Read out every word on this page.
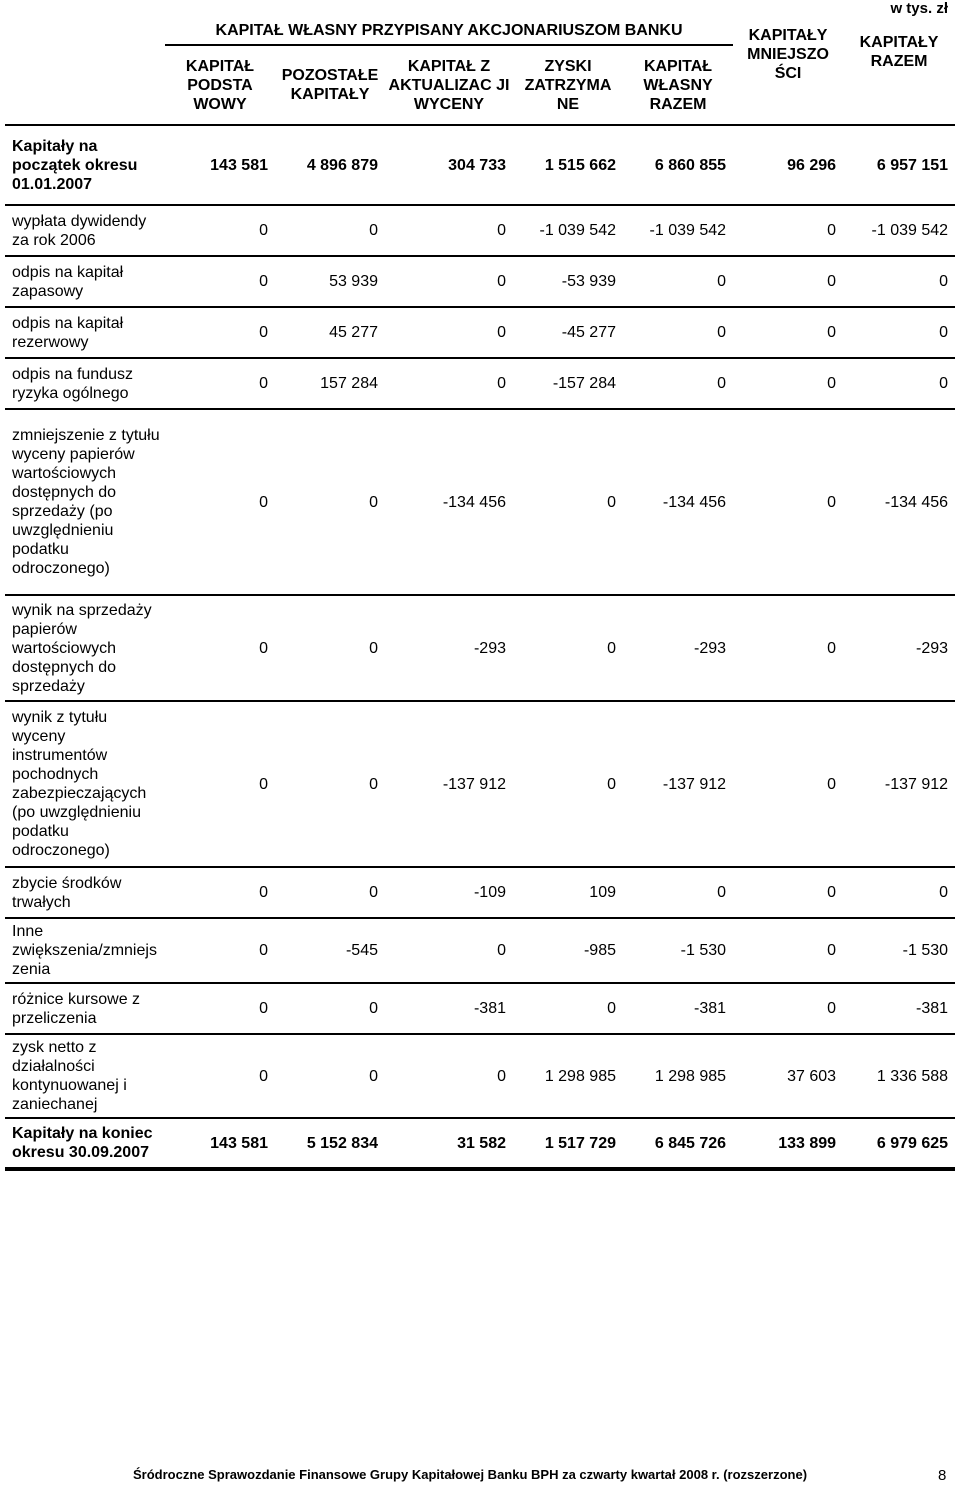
w tys. zł
	KAPITAŁ WŁASNY PRZYPISANY AKCJONARIUSZOM BANKU					KAPITAŁY MNIEJSZO ŚCI	KAPITAŁY RAZEM
	KAPITAŁ PODSTA WOWY	POZOSTAŁE KAPITAŁY	KAPITAŁ Z AKTUALIZAC JI WYCENY	ZYSKI ZATRZYMA NE	KAPITAŁ WŁASNY RAZEM		
Kapitały na początek okresu 01.01.2007	143 581	4 896 879	304 733	1 515 662	6 860 855	96 296	6 957 151
wypłata dywidendy za rok 2006	0	0	0	-1 039 542	-1 039 542	0	-1 039 542
odpis na kapitał zapasowy	0	53 939	0	-53 939	0	0	0
odpis na kapitał rezerwowy	0	45 277	0	-45 277	0	0	0
odpis na fundusz ryzyka ogólnego	0	157 284	0	-157 284	0	0	0
zmniejszenie z tytułu wyceny papierów wartościowych dostępnych do sprzedaży (po uwzględnieniu podatku odroczonego)	0	0	-134 456	0	-134 456	0	-134 456
wynik na sprzedaży papierów wartościowych dostępnych do sprzedaży	0	0	-293	0	-293	0	-293
wynik z tytułu wyceny instrumentów pochodnych zabezpieczających (po uwzględnieniu podatku odroczonego)	0	0	-137 912	0	-137 912	0	-137 912
zbycie środków trwałych	0	0	-109	109	0	0	0
Inne zwiększenia/zmniejs zenia	0	-545	0	-985	-1 530	0	-1 530
różnice kursowe z przeliczenia	0	0	-381	0	-381	0	-381
zysk netto z działalności kontynuowanej i zaniechanej	0	0	0	1 298 985	1 298 985	37 603	1 336 588
Kapitały na koniec okresu 30.09.2007	143 581	5 152 834	31 582	1 517 729	6 845 726	133 899	6 979 625
Śródroczne Sprawozdanie Finansowe Grupy Kapitałowej Banku BPH za czwarty kwartał 2008 r. (rozszerzone)	8
